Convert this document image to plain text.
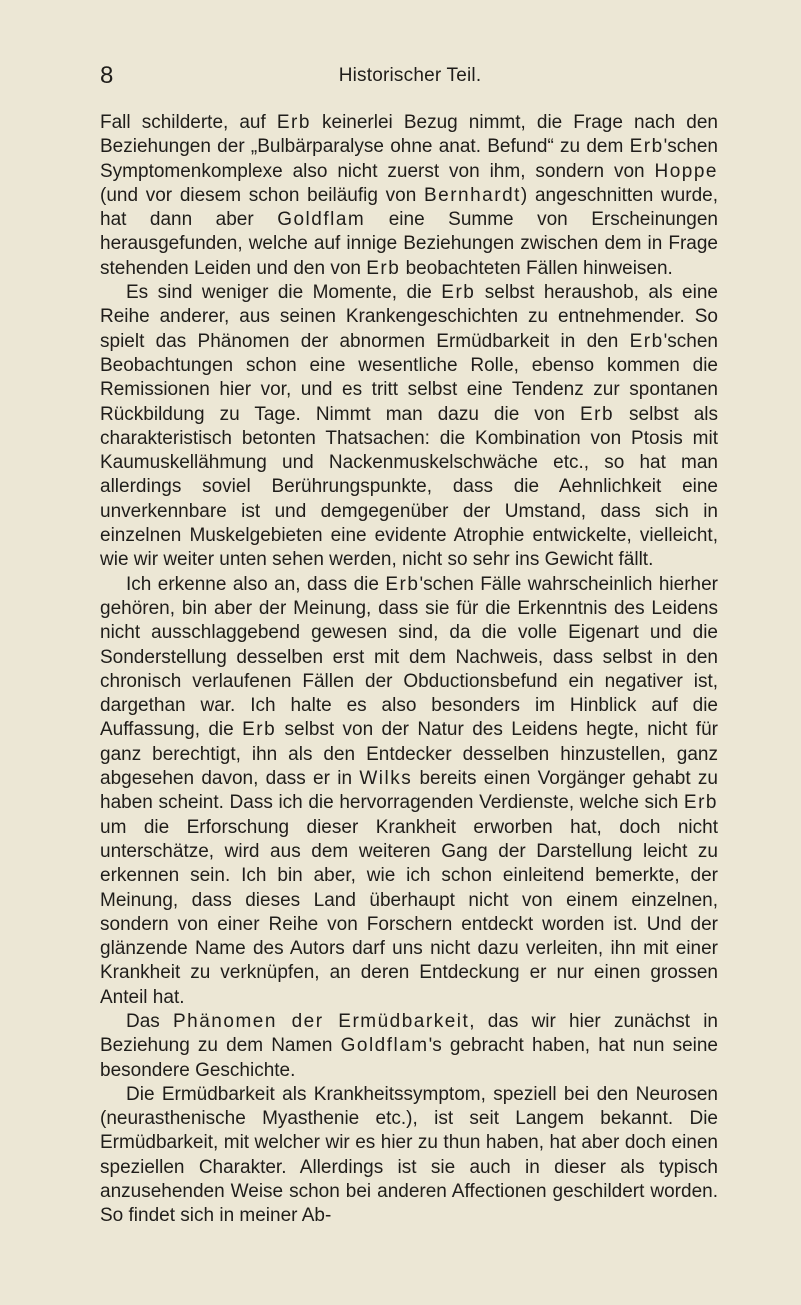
8	Historischer Teil.

Fall schilderte, auf Erb keinerlei Bezug nimmt, die Frage nach den Beziehungen der „Bulbärparalyse ohne anat. Befund“ zu dem Erb'schen Symptomenkomplexe also nicht zuerst von ihm, sondern von Hoppe (und vor diesem schon beiläufig von Bernhardt) angeschnitten wurde, hat dann aber Goldflam eine Summe von Erscheinungen herausgefunden, welche auf innige Beziehungen zwischen dem in Frage stehenden Leiden und den von Erb beobachteten Fällen hinweisen.

Es sind weniger die Momente, die Erb selbst heraushob, als eine Reihe anderer, aus seinen Krankengeschichten zu entnehmender. So spielt das Phänomen der abnormen Ermüdbarkeit in den Erb'schen Beobachtungen schon eine wesentliche Rolle, ebenso kommen die Remissionen hier vor, und es tritt selbst eine Tendenz zur spontanen Rückbildung zu Tage. Nimmt man dazu die von Erb selbst als charakteristisch betonten Thatsachen: die Kombination von Ptosis mit Kaumuskellähmung und Nackenmuskelschwäche etc., so hat man allerdings soviel Berührungspunkte, dass die Aehnlichkeit eine unverkennbare ist und demgegenüber der Umstand, dass sich in einzelnen Muskelgebieten eine evidente Atrophie entwickelte, vielleicht, wie wir weiter unten sehen werden, nicht so sehr ins Gewicht fällt.

Ich erkenne also an, dass die Erb'schen Fälle wahrscheinlich hierher gehören, bin aber der Meinung, dass sie für die Erkenntnis des Leidens nicht ausschlaggebend gewesen sind, da die volle Eigenart und die Sonderstellung desselben erst mit dem Nachweis, dass selbst in den chronisch verlaufenen Fällen der Obductionsbefund ein negativer ist, dargethan war. Ich halte es also besonders im Hinblick auf die Auffassung, die Erb selbst von der Natur des Leidens hegte, nicht für ganz berechtigt, ihn als den Entdecker desselben hinzustellen, ganz abgesehen davon, dass er in Wilks bereits einen Vorgänger gehabt zu haben scheint. Dass ich die hervorragenden Verdienste, welche sich Erb um die Erforschung dieser Krankheit erworben hat, doch nicht unterschätze, wird aus dem weiteren Gang der Darstellung leicht zu erkennen sein. Ich bin aber, wie ich schon einleitend bemerkte, der Meinung, dass dieses Land überhaupt nicht von einem einzelnen, sondern von einer Reihe von Forschern entdeckt worden ist. Und der glänzende Name des Autors darf uns nicht dazu verleiten, ihn mit einer Krankheit zu verknüpfen, an deren Entdeckung er nur einen grossen Anteil hat.

Das Phänomen der Ermüdbarkeit, das wir hier zunächst in Beziehung zu dem Namen Goldflam's gebracht haben, hat nun seine besondere Geschichte.

Die Ermüdbarkeit als Krankheitssymptom, speziell bei den Neurosen (neurasthenische Myasthenie etc.), ist seit Langem bekannt. Die Ermüdbarkeit, mit welcher wir es hier zu thun haben, hat aber doch einen speziellen Charakter. Allerdings ist sie auch in dieser als typisch anzusehenden Weise schon bei anderen Affectionen geschildert worden. So findet sich in meiner Ab-
